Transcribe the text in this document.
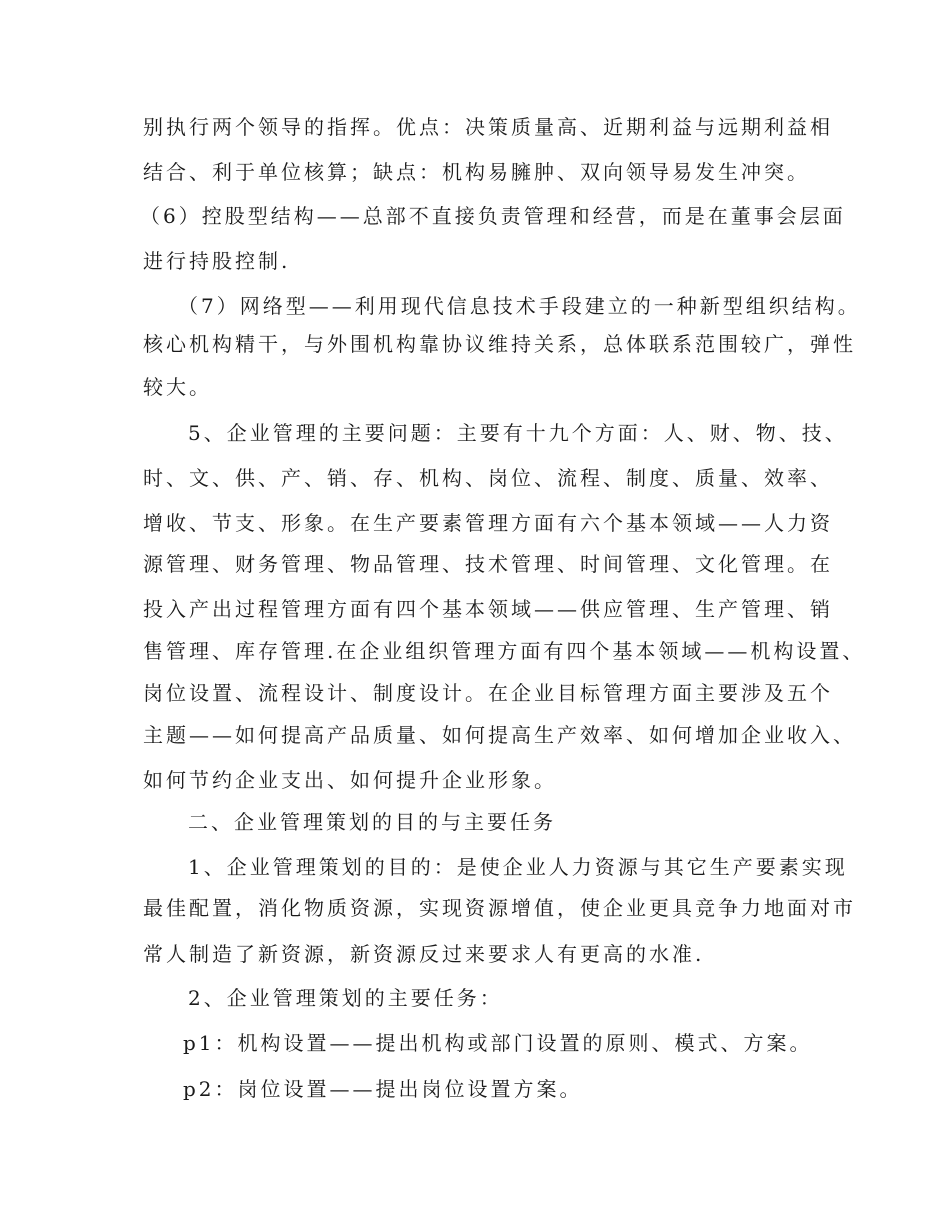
别执行两个领导的指挥。优点：决策质量高、近期利益与远期利益相

结合、利于单位核算；缺点：机构易臃肿、双向领导易发生冲突。

（6）控股型结构——总部不直接负责管理和经营，而是在董事会层面

进行持股控制.

（7）网络型——利用现代信息技术手段建立的一种新型组织结构。

核心机构精干，与外围机构靠协议维持关系，总体联系范围较广，弹性

较大。

5、企业管理的主要问题：主要有十九个方面：人、财、物、技、

时、文、供、产、销、存、机构、岗位、流程、制度、质量、效率、

增收、节支、形象。在生产要素管理方面有六个基本领域——人力资

源管理、财务管理、物品管理、技术管理、时间管理、文化管理。在

投入产出过程管理方面有四个基本领域——供应管理、生产管理、销

售管理、库存管理.在企业组织管理方面有四个基本领域——机构设置、

岗位设置、流程设计、制度设计。在企业目标管理方面主要涉及五个

主题——如何提高产品质量、如何提高生产效率、如何增加企业收入、

如何节约企业支出、如何提升企业形象。

二、企业管理策划的目的与主要任务

1、企业管理策划的目的：是使企业人力资源与其它生产要素实现

最佳配置，消化物质资源，实现资源增值，使企业更具竞争力地面对市

常人制造了新资源，新资源反过来要求人有更高的水准.

2、企业管理策划的主要任务：

p1：机构设置——提出机构或部门设置的原则、模式、方案。

p2：岗位设置——提出岗位设置方案。
